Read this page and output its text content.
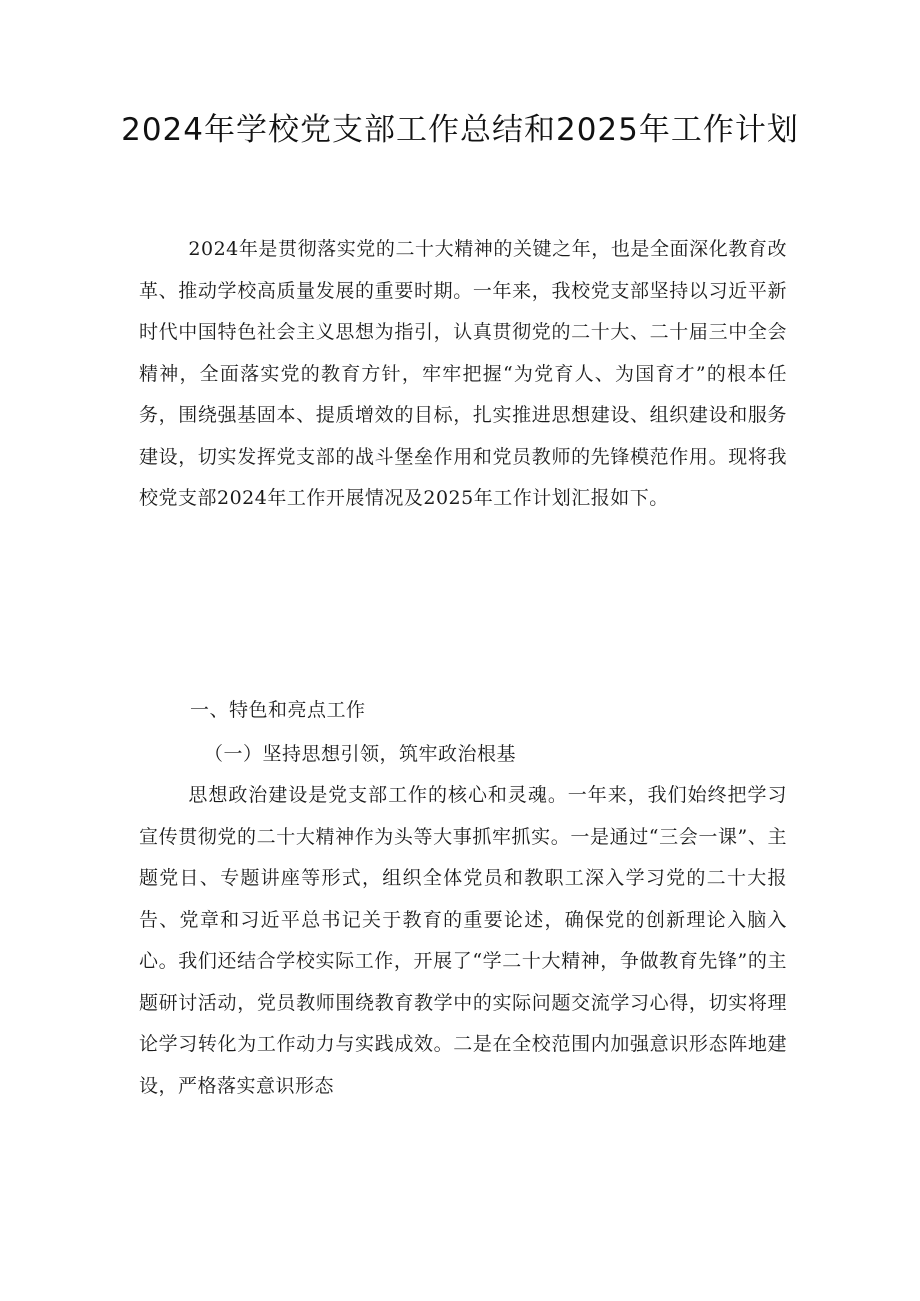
2024年学校党支部工作总结和2025年工作计划

2024年是贯彻落实党的二十大精神的关键之年，也是全面深化教育改革、推动学校高质量发展的重要时期。一年来，我校党支部坚持以习近平新时代中国特色社会主义思想为指引，认真贯彻党的二十大、二十届三中全会精神，全面落实党的教育方针，牢牢把握“为党育人、为国育才”的根本任务，围绕强基固本、提质增效的目标，扎实推进思想建设、组织建设和服务建设，切实发挥党支部的战斗堡垒作用和党员教师的先锋模范作用。现将我校党支部2024年工作开展情况及2025年工作计划汇报如下。

一、特色和亮点工作
（一）坚持思想引领，筑牢政治根基

思想政治建设是党支部工作的核心和灵魂。一年来，我们始终把学习宣传贯彻党的二十大精神作为头等大事抓牢抓实。一是通过“三会一课”、主题党日、专题讲座等形式，组织全体党员和教职工深入学习党的二十大报告、党章和习近平总书记关于教育的重要论述，确保党的创新理论入脑入心。我们还结合学校实际工作，开展了“学二十大精神，争做教育先锋”的主题研讨活动，党员教师围绕教育教学中的实际问题交流学习心得，切实将理论学习转化为工作动力与实践成效。二是在全校范围内加强意识形态阵地建设，严格落实意识形态
